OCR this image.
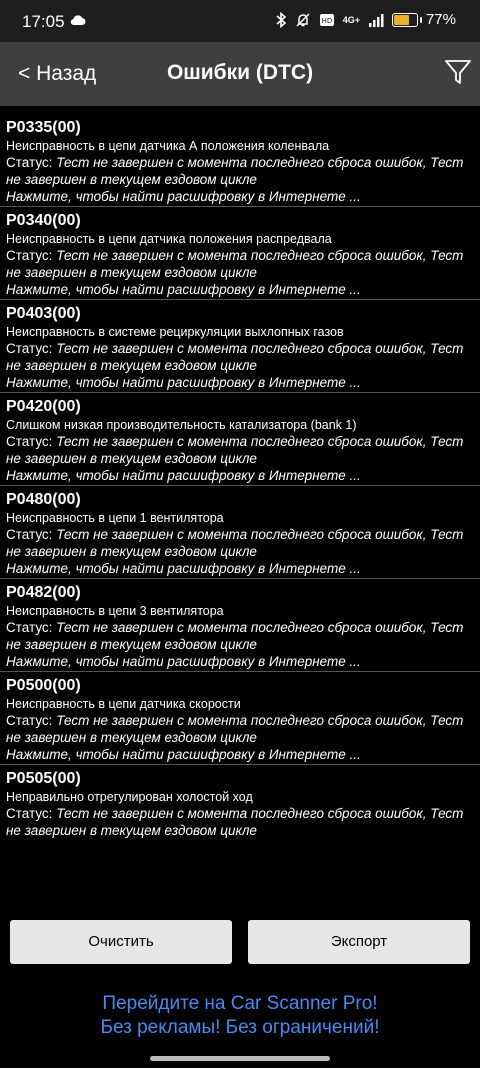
17:05	HD 4G+	77%
< Назад	Ошибки (DTC)
P0335(00)
Неисправность в цепи датчика А положения коленвала
Статус: Тест не завершен с момента последнего сброса ошибок, Тест не завершен в текущем ездовом цикле
Нажмите, чтобы найти расшифровку в Интернете ...
P0340(00)
Неисправность в цепи датчика положения распредвала
Статус: Тест не завершен с момента последнего сброса ошибок, Тест не завершен в текущем ездовом цикле
Нажмите, чтобы найти расшифровку в Интернете ...
P0403(00)
Неисправность в системе рециркуляции выхлопных газов
Статус: Тест не завершен с момента последнего сброса ошибок, Тест не завершен в текущем ездовом цикле
Нажмите, чтобы найти расшифровку в Интернете ...
P0420(00)
Слишком низкая производительность катализатора (bank 1)
Статус: Тест не завершен с момента последнего сброса ошибок, Тест не завершен в текущем ездовом цикле
Нажмите, чтобы найти расшифровку в Интернете ...
P0480(00)
Неисправность в цепи 1 вентилятора
Статус: Тест не завершен с момента последнего сброса ошибок, Тест не завершен в текущем ездовом цикле
Нажмите, чтобы найти расшифровку в Интернете ...
P0482(00)
Неисправность в цепи 3 вентилятора
Статус: Тест не завершен с момента последнего сброса ошибок, Тест не завершен в текущем ездовом цикле
Нажмите, чтобы найти расшифровку в Интернете ...
P0500(00)
Неисправность в цепи датчика скорости
Статус: Тест не завершен с момента последнего сброса ошибок, Тест не завершен в текущем ездовом цикле
Нажмите, чтобы найти расшифровку в Интернете ...
P0505(00)
Неправильно отрегулирован холостой ход
Статус: Тест не завершен с момента последнего сброса ошибок, Тест не завершен в текущем ездовом цикле
Очистить	Экспорт
Перейдите на Car Scanner Pro!
Без рекламы! Без ограничений!
